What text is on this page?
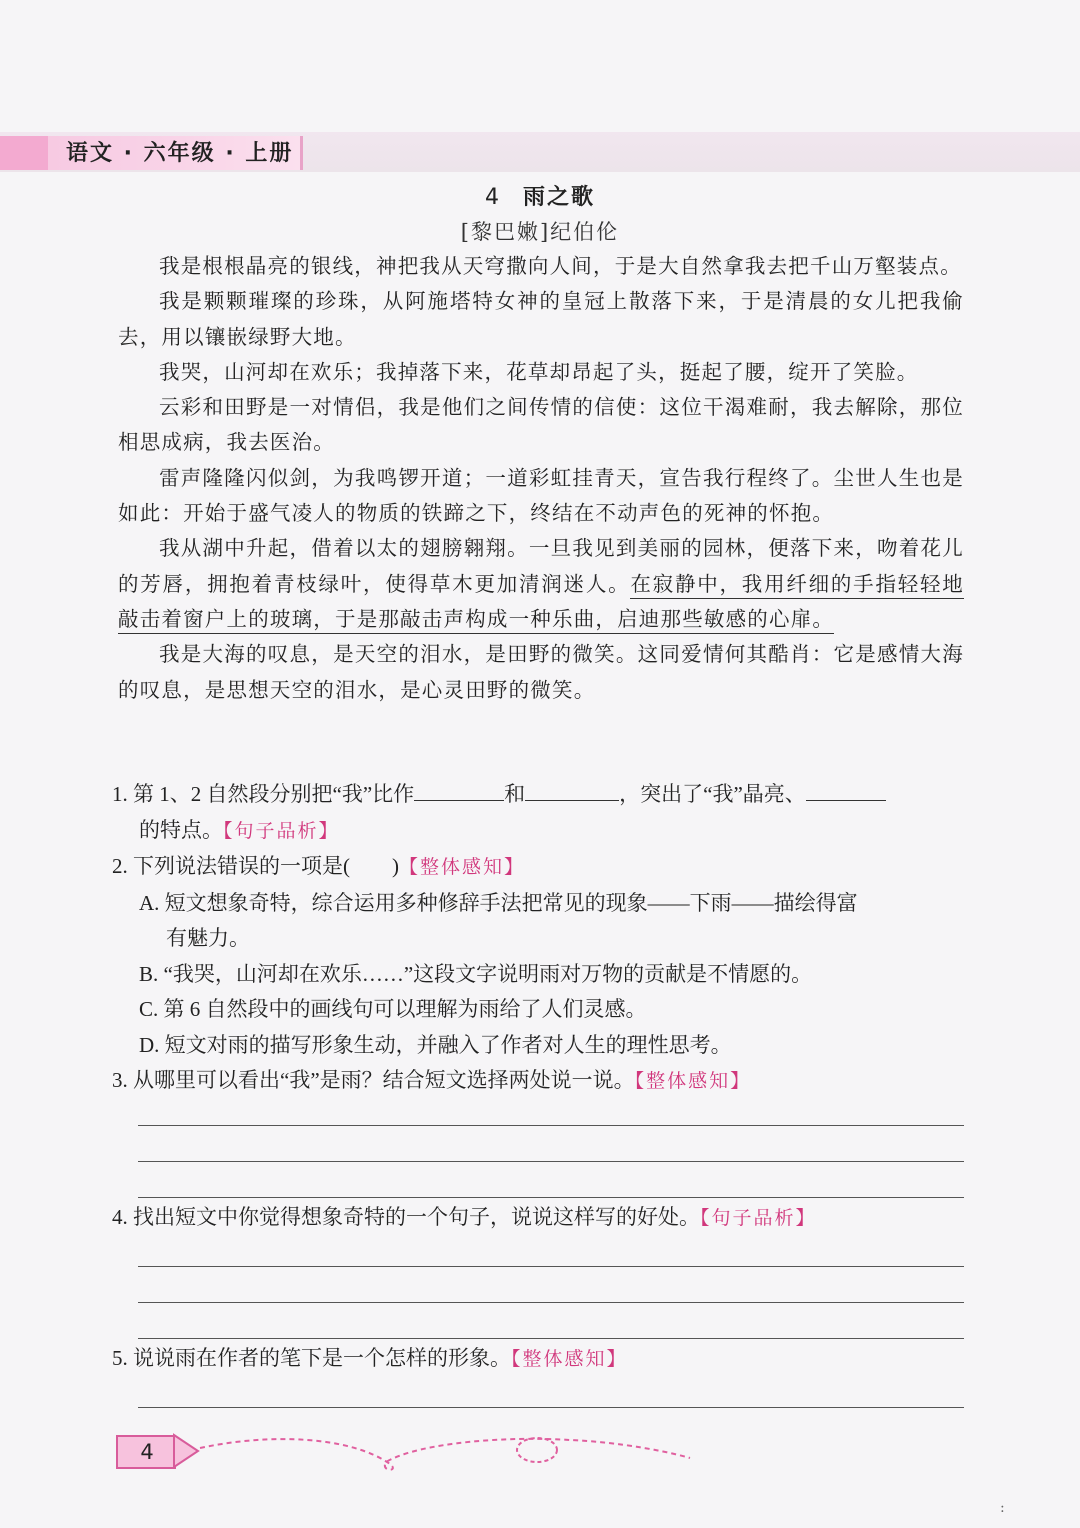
语文 · 六年级 · 上册
4 雨之歌
[黎巴嫩]纪伯伦

我是根根晶亮的银线，神把我从天穹撒向人间，于是大自然拿我去把千山万壑装点。

我是颗颗璀璨的珍珠，从阿施塔特女神的皇冠上散落下来，于是清晨的女儿把我偷去，用以镶嵌绿野大地。

我哭，山河却在欢乐；我掉落下来，花草却昂起了头，挺起了腰，绽开了笑脸。

云彩和田野是一对情侣，我是他们之间传情的信使：这位干渴难耐，我去解除，那位相思成病，我去医治。

雷声隆隆闪似剑，为我鸣锣开道；一道彩虹挂青天，宣告我行程终了。尘世人生也是如此：开始于盛气凌人的物质的铁蹄之下，终结在不动声色的死神的怀抱。

我从湖中升起，借着以太的翅膀翱翔。一旦我见到美丽的园林，便落下来，吻着花儿的芳唇，拥抱着青枝绿叶，使得草木更加清润迷人。在寂静中，我用纤细的手指轻轻地敲击着窗户上的玻璃，于是那敲击声构成一种乐曲，启迪那些敏感的心扉。

我是大海的叹息，是天空的泪水，是田野的微笑。这同爱情何其酷肖：它是感情大海的叹息，是思想天空的泪水，是心灵田野的微笑。

1. 第 1、2 自然段分别把“我”比作	和	，突出了“我”晶亮、
的特点。【句子品析】
2. 下列说法错误的一项是( )【整体感知】
A. 短文想象奇特，综合运用多种修辞手法把常见的现象——下雨——描绘得富
有魅力。
B. “我哭，山河却在欢乐……”这段文字说明雨对万物的贡献是不情愿的。
C. 第 6 自然段中的画线句可以理解为雨给了人们灵感。
D. 短文对雨的描写形象生动，并融入了作者对人生的理性思考。
3. 从哪里可以看出“我”是雨？结合短文选择两处说一说。【整体感知】
4. 找出短文中你觉得想象奇特的一个句子，说说这样写的好处。【句子品析】
5. 说说雨在作者的笔下是一个怎样的形象。【整体感知】
4
:
